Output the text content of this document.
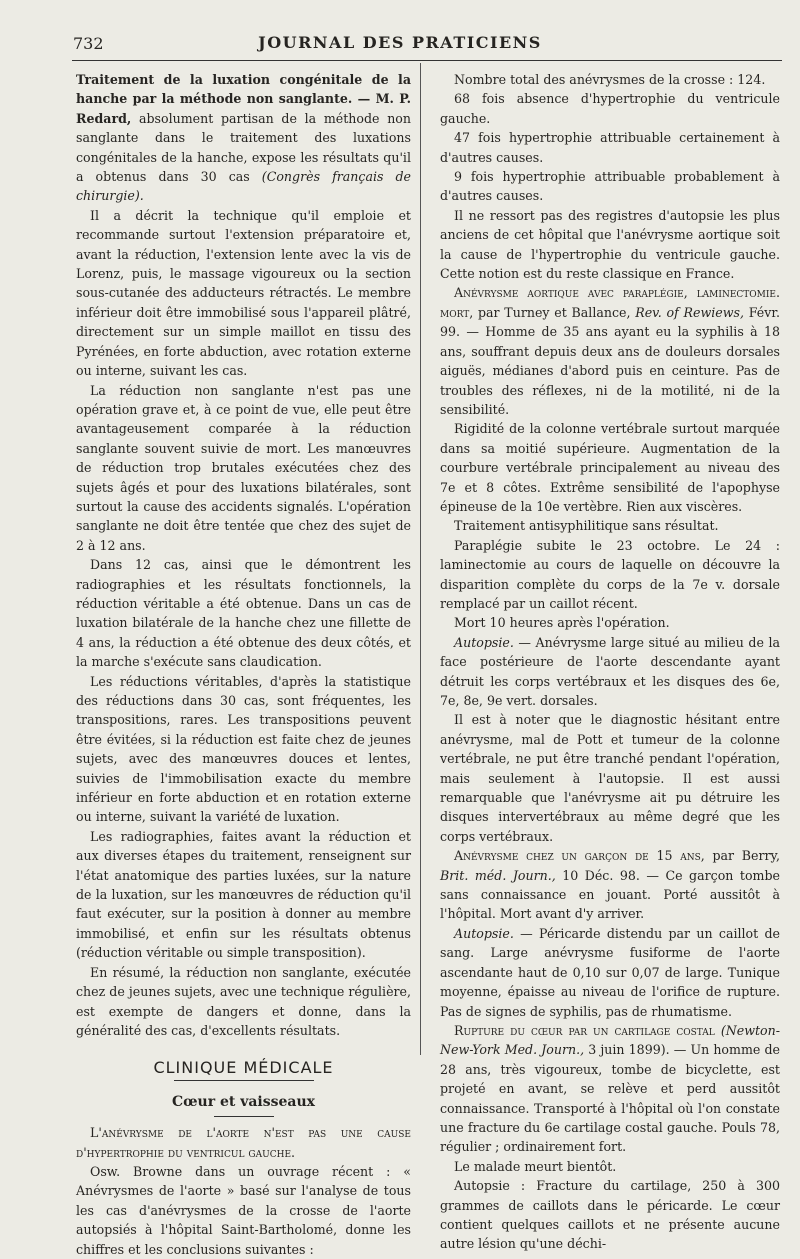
732	JOURNAL DES PRATICIENS

Traitement de la luxation congénitale de la hanche par la méthode non sanglante. — M. P. Redard, absolument partisan de la méthode non sanglante dans le traitement des luxations congénitales de la hanche, expose les résultats qu'il a obtenus dans 30 cas (Congrès français de chirurgie).

Il a décrit la technique qu'il emploie et recommande surtout l'extension préparatoire et, avant la réduction, l'extension lente avec la vis de Lorenz, puis, le massage vigoureux ou la section sous-cutanée des adducteurs rétractés. Le membre inférieur doit être immobilisé sous l'appareil plâtré, directement sur un simple maillot en tissu des Pyrénées, en forte abduction, avec rotation externe ou interne, suivant les cas.

La réduction non sanglante n'est pas une opération grave et, à ce point de vue, elle peut être avantageusement comparée à la réduction sanglante souvent suivie de mort. Les manœuvres de réduction trop brutales exécutées chez des sujets âgés et pour des luxations bilatérales, sont surtout la cause des accidents signalés. L'opération sanglante ne doit être tentée que chez des sujet de 2 à 12 ans.

Dans 12 cas, ainsi que le démontrent les radiographies et les résultats fonctionnels, la réduction véritable a été obtenue. Dans un cas de luxation bilatérale de la hanche chez une fillette de 4 ans, la réduction a été obtenue des deux côtés, et la marche s'exécute sans claudication.

Les réductions véritables, d'après la statistique des réductions dans 30 cas, sont fréquentes, les transpositions, rares. Les transpositions peuvent être évitées, si la réduction est faite chez de jeunes sujets, avec des manœuvres douces et lentes, suivies de l'immobilisation exacte du membre inférieur en forte abduction et en rotation externe ou interne, suivant la variété de luxation.

Les radiographies, faites avant la réduction et aux diverses étapes du traitement, renseignent sur l'état anatomique des parties luxées, sur la nature de la luxation, sur les manœuvres de réduction qu'il faut exécuter, sur la position à donner au membre immobilisé, et enfin sur les résultats obtenus (réduction véritable ou simple transposition).

En résumé, la réduction non sanglante, exécutée chez de jeunes sujets, avec une technique régulière, est exempte de dangers et donne, dans la généralité des cas, d'excellents résultats.

CLINIQUE MÉDICALE
Cœur et vaisseaux

L'anévrysme de l'aorte n'est pas une cause d'hypertrophie du ventricul gauche.

Osw. Browne dans un ouvrage récent : « Anévrysmes de l'aorte » basé sur l'analyse de tous les cas d'anévrysmes de la crosse de l'aorte autopsiés à l'hôpital Saint-Bartholomé, donne les chiffres et les conclusions suivantes :

Nombre total des anévrysmes de la crosse : 124.

68 fois absence d'hypertrophie du ventricule gauche.

47 fois hypertrophie attribuable certainement à d'autres causes.

9 fois hypertrophie attribuable probablement à d'autres causes.

Il ne ressort pas des registres d'autopsie les plus anciens de cet hôpital que l'anévrysme aortique soit la cause de l'hypertrophie du ventricule gauche. Cette notion est du reste classique en France.

Anévrysme aortique avec paraplégie, laminectomie. mort, par Turney et Ballance, Rev. of Rewiews, Févr. 99. — Homme de 35 ans ayant eu la syphilis à 18 ans, souffrant depuis deux ans de douleurs dorsales aiguës, médianes d'abord puis en ceinture. Pas de troubles des réflexes, ni de la motilité, ni de la sensibilité.

Rigidité de la colonne vertébrale surtout marquée dans sa moitié supérieure. Augmentation de la courbure vertébrale principalement au niveau des 7e et 8 côtes. Extrême sensibilité de l'apophyse épineuse de la 10e vertèbre. Rien aux viscères.

Traitement antisyphilitique sans résultat.

Paraplégie subite le 23 octobre. Le 24 : laminectomie au cours de laquelle on découvre la disparition complète du corps de la 7e v. dorsale remplacé par un caillot récent.

Mort 10 heures après l'opération.

Autopsie. — Anévrysme large situé au milieu de la face postérieure de l'aorte descendante ayant détruit les corps vertébraux et les disques des 6e, 7e, 8e, 9e vert. dorsales.

Il est à noter que le diagnostic hésitant entre anévrysme, mal de Pott et tumeur de la colonne vertébrale, ne put être tranché pendant l'opération, mais seulement à l'autopsie. Il est aussi remarquable que l'anévrysme ait pu détruire les disques intervertébraux au même degré que les corps vertébraux.

Anévrysme chez un garçon de 15 ans, par Berry, Brit. méd. Journ., 10 Déc. 98. — Ce garçon tombe sans connaissance en jouant. Porté aussitôt à l'hôpital. Mort avant d'y arriver.

Autopsie. — Péricarde distendu par un caillot de sang. Large anévrysme fusiforme de l'aorte ascendante haut de 0,10 sur 0,07 de large. Tunique moyenne, épaisse au niveau de l'orifice de rupture. Pas de signes de syphilis, pas de rhumatisme.

Rupture du cœur par un cartilage costal (Newton-New-York Med. Journ., 3 juin 1899). — Un homme de 28 ans, très vigoureux, tombe de bicyclette, est projeté en avant, se relève et perd aussitôt connaissance. Transporté à l'hôpital où l'on constate une fracture du 6e cartilage costal gauche. Pouls 78, régulier ; ordinairement fort.

Le malade meurt bientôt.

Autopsie : Fracture du cartilage, 250 à 300 grammes de caillots dans le péricarde. Le cœur contient quelques caillots et ne présente aucune autre lésion qu'une déchi-
